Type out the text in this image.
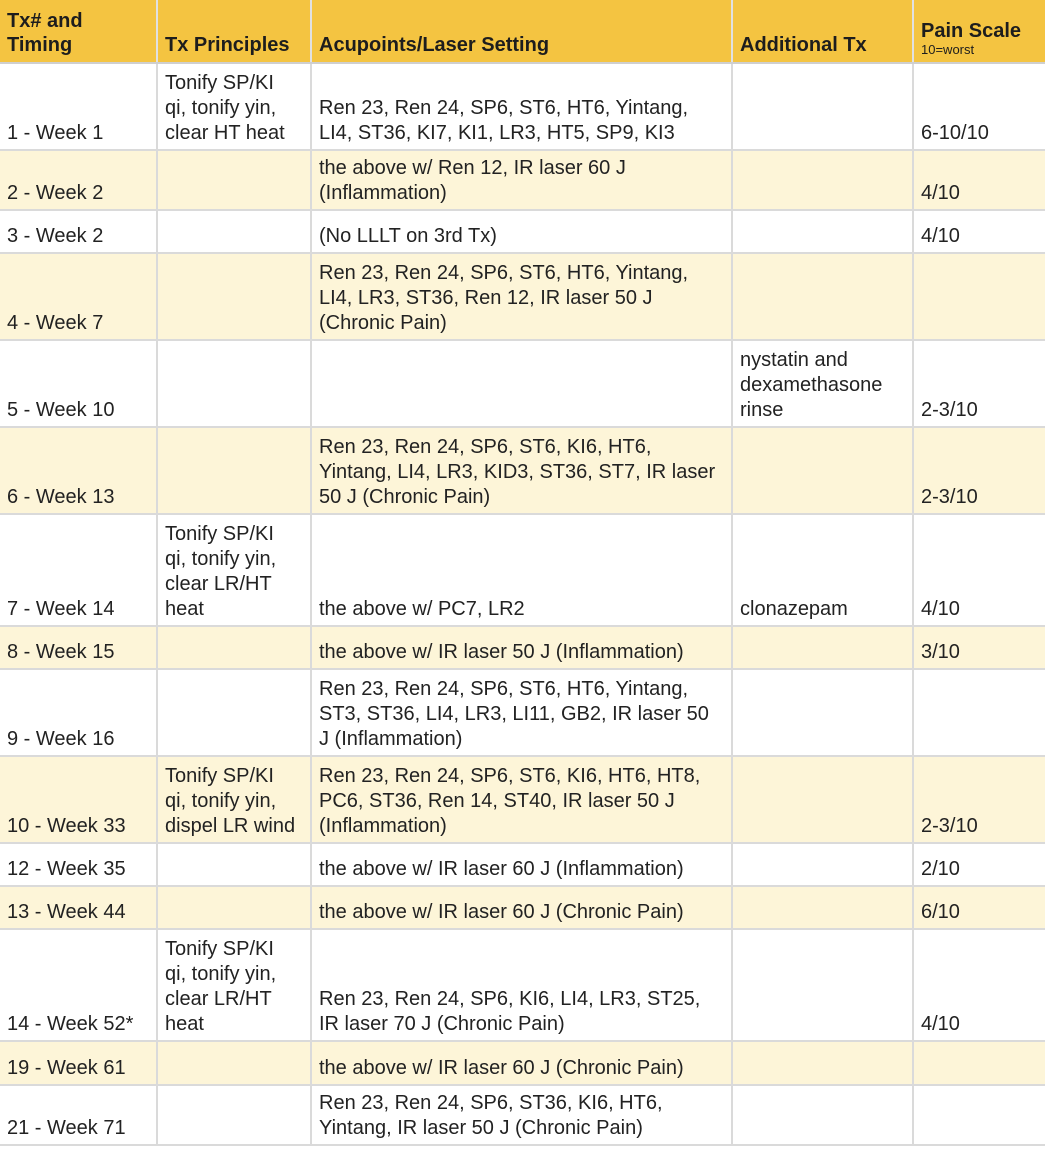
Tx# and
Timing	Tx Principles	Acupoints/Laser Setting	Additional Tx	Pain Scale
10=worst

1 - Week 1	Tonify SP/KI
qi, tonify yin,
clear HT heat	Ren 23, Ren 24, SP6, ST6, HT6, Yintang,
LI4, ST36, KI7, KI1, LR3, HT5, SP9, KI3		6-10/10
2 - Week 2		the above w/ Ren 12, IR laser 60 J
(Inflammation)		4/10
3 - Week 2		(No LLLT on 3rd Tx)		4/10
4 - Week 7		Ren 23, Ren 24, SP6, ST6, HT6, Yintang,
LI4, LR3, ST36, Ren 12, IR laser 50 J
(Chronic Pain)		
5 - Week 10			nystatin and
dexamethasone
rinse	2-3/10
6 - Week 13		Ren 23, Ren 24, SP6, ST6, KI6, HT6,
Yintang, LI4, LR3, KID3, ST36, ST7, IR laser
50 J (Chronic Pain)		2-3/10
7 - Week 14	Tonify SP/KI
qi, tonify yin,
clear LR/HT
heat	the above w/ PC7, LR2	clonazepam	4/10
8 - Week 15		the above w/ IR laser 50 J (Inflammation)		3/10
9 - Week 16		Ren 23, Ren 24, SP6, ST6, HT6, Yintang,
ST3, ST36, LI4, LR3, LI11, GB2, IR laser 50
J (Inflammation)		
10 - Week 33	Tonify SP/KI
qi, tonify yin,
dispel LR wind	Ren 23, Ren 24, SP6, ST6, KI6, HT6, HT8,
PC6, ST36, Ren 14, ST40, IR laser 50 J
(Inflammation)		2-3/10
12 - Week 35		the above w/ IR laser 60 J (Inflammation)		2/10
13 - Week 44		the above w/ IR laser 60 J (Chronic Pain)		6/10
14 - Week 52*	Tonify SP/KI
qi, tonify yin,
clear LR/HT
heat	Ren 23, Ren 24, SP6, KI6, LI4, LR3, ST25,
IR laser 70 J (Chronic Pain)		4/10
19 - Week 61		the above w/ IR laser 60 J (Chronic Pain)		
21 - Week 71		Ren 23, Ren 24, SP6, ST36, KI6, HT6,
Yintang, IR laser 50 J (Chronic Pain)		
